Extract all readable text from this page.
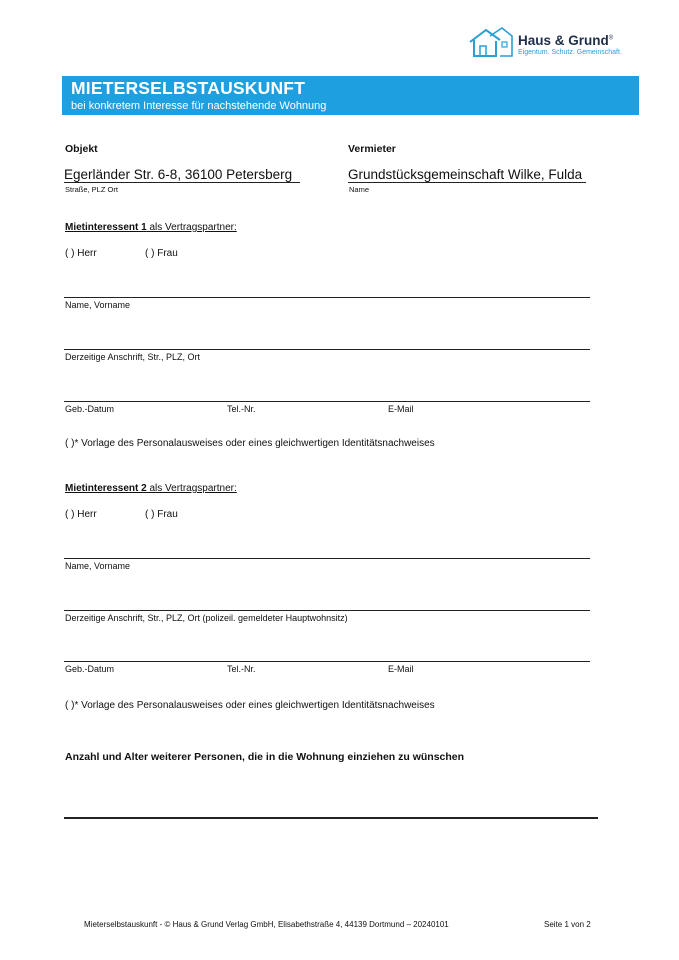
Haus & Grund®
Eigentum. Schutz. Gemeinschaft.
MIETERSELBSTAUSKUNFT
bei konkretem Interesse für nachstehende Wohnung
Objekt	Vermieter
Egerländer Str. 6-8, 36100 Petersberg
Straße, PLZ Ort
Grundstücksgemeinschaft Wilke, Fulda
Name
Mietinteressent 1 als Vertragspartner:
( ) Herr	( ) Frau
Name, Vorname
Derzeitige Anschrift, Str., PLZ, Ort
Geb.-Datum	Tel.-Nr.	E-Mail
( )* Vorlage des Personalausweises oder eines gleichwertigen Identitätsnachweises
Mietinteressent 2 als Vertragspartner:
( ) Herr	( ) Frau
Name, Vorname
Derzeitige Anschrift, Str., PLZ, Ort (polizeil. gemeldeter Hauptwohnsitz)
Geb.-Datum	Tel.-Nr.	E-Mail
( )* Vorlage des Personalausweises oder eines gleichwertigen Identitätsnachweises
Anzahl und Alter weiterer Personen, die in die Wohnung einziehen zu wünschen
Mieterselbstauskunft - © Haus & Grund Verlag GmbH, Elisabethstraße 4, 44139 Dortmund – 20240101	Seite 1 von 2
